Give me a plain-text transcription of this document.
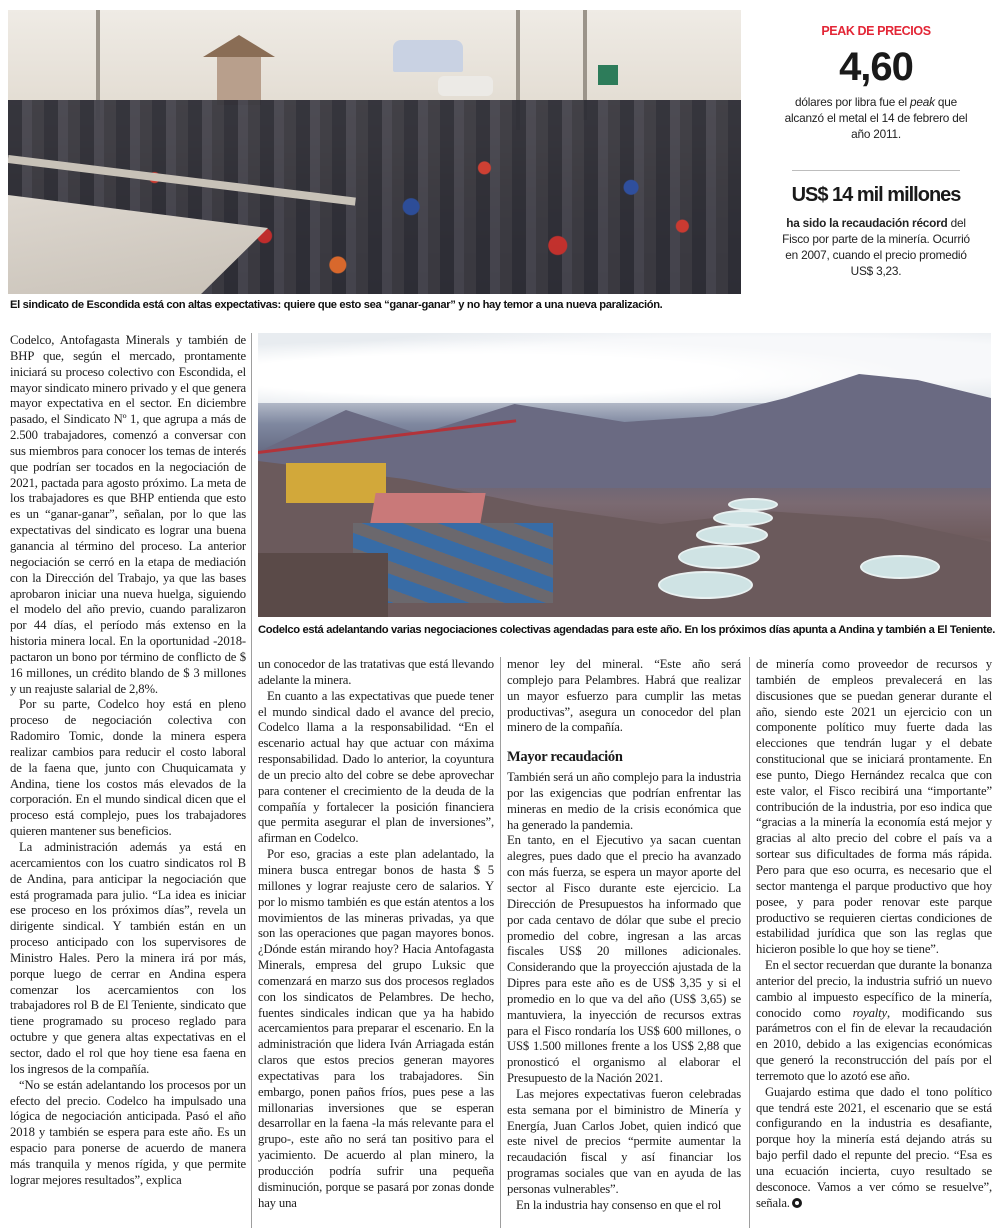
El sindicato de Escondida está con altas expectativas: quiere que esto sea “ganar-ganar” y no hay temor a una nueva paralización.
PEAK DE PRECIOS
4,60
dólares por libra fue el peak que alcanzó el metal el 14 de febrero del año 2011.
US$ 14 mil millones
ha sido la recaudación récord del Fisco por parte de la minería. Ocurrió en 2007, cuando el precio promedió US$ 3,23.

Codelco, Antofagasta Minerals y también de BHP que, según el mercado, prontamente iniciará su proceso colectivo con Escondida, el mayor sindicato minero privado y el que genera mayor expectativa en el sector. En diciembre pasado, el Sindicato Nº 1, que agrupa a más de 2.500 trabajadores, comenzó a conversar con sus miembros para conocer los temas de interés que podrían ser tocados en la negociación de 2021, pactada para agosto próximo. La meta de los trabajadores es que BHP entienda que esto es un “ganar-ganar”, señalan, por lo que las expectativas del sindicato es lograr una buena ganancia al término del proceso. La anterior negociación se cerró en la etapa de mediación con la Dirección del Trabajo, ya que las bases aprobaron iniciar una nueva huelga, siguiendo el modelo del año previo, cuando paralizaron por 44 días, el período más extenso en la historia minera local. En la oportunidad -2018- pactaron un bono por término de conflicto de $ 16 millones, un crédito blando de $ 3 millones y un reajuste salarial de 2,8%.

Por su parte, Codelco hoy está en pleno proceso de negociación colectiva con Radomiro Tomic, donde la minera espera realizar cambios para reducir el costo laboral de la faena que, junto con Chuquicamata y Andina, tiene los costos más elevados de la corporación. En el mundo sindical dicen que el proceso está complejo, pues los trabajadores quieren mantener sus beneficios.

La administración además ya está en acercamientos con los cuatro sindicatos rol B de Andina, para anticipar la negociación que está programada para julio. “La idea es iniciar ese proceso en los próximos días”, revela un dirigente sindical. Y también están en un proceso anticipado con los supervisores de Ministro Hales. Pero la minera irá por más, porque luego de cerrar en Andina espera comenzar los acercamientos con los trabajadores rol B de El Teniente, sindicato que tiene programado su proceso reglado para octubre y que genera altas expectativas en el sector, dado el rol que hoy tiene esa faena en los ingresos de la compañía.

“No se están adelantando los procesos por un efecto del precio. Codelco ha impulsado una lógica de negociación anticipada. Pasó el año 2018 y también se espera para este año. Es un espacio para ponerse de acuerdo de manera más tranquila y menos rígida, y que permite lograr mejores resultados”, explica

Codelco está adelantando varias negociaciones colectivas agendadas para este año. En los próximos días apunta a Andina y también a El Teniente.

un conocedor de las tratativas que está llevando adelante la minera.

En cuanto a las expectativas que puede tener el mundo sindical dado el avance del precio, Codelco llama a la responsabilidad. “En el escenario actual hay que actuar con máxima responsabilidad. Dado lo anterior, la coyuntura de un precio alto del cobre se debe aprovechar para contener el crecimiento de la deuda de la compañía y fortalecer la posición financiera que permita asegurar el plan de inversiones”, afirman en Codelco.

Por eso, gracias a este plan adelantado, la minera busca entregar bonos de hasta $ 5 millones y lograr reajuste cero de salarios. Y por lo mismo también es que están atentos a los movimientos de las mineras privadas, ya que son las operaciones que pagan mayores bonos. ¿Dónde están mirando hoy? Hacia Antofagasta Minerals, empresa del grupo Luksic que comenzará en marzo sus dos procesos reglados con los sindicatos de Pelambres. De hecho, fuentes sindicales indican que ya ha habido acercamientos para preparar el escenario. En la administración que lidera Iván Arriagada están claros que estos precios generan mayores expectativas para los trabajadores. Sin embargo, ponen paños fríos, pues pese a las millonarias inversiones que se esperan desarrollar en la faena -la más relevante para el grupo-, este año no será tan positivo para el yacimiento. De acuerdo al plan minero, la producción podría sufrir una pequeña disminución, porque se pasará por zonas donde hay una

menor ley del mineral. “Este año será complejo para Pelambres. Habrá que realizar un mayor esfuerzo para cumplir las metas productivas”, asegura un conocedor del plan minero de la compañía.

Mayor recaudación

También será un año complejo para la industria por las exigencias que podrían enfrentar las mineras en medio de la crisis económica que ha generado la pandemia.

En tanto, en el Ejecutivo ya sacan cuentan alegres, pues dado que el precio ha avanzado con más fuerza, se espera un mayor aporte del sector al Fisco durante este ejercicio. La Dirección de Presupuestos ha informado que por cada centavo de dólar que sube el precio promedio del cobre, ingresan a las arcas fiscales US$ 20 millones adicionales. Considerando que la proyección ajustada de la Dipres para este año es de US$ 3,35 y si el promedio en lo que va del año (US$ 3,65) se mantuviera, la inyección de recursos extras para el Fisco rondaría los US$ 600 millones, o US$ 1.500 millones frente a los US$ 2,88 que pronosticó el organismo al elaborar el Presupuesto de la Nación 2021.

Las mejores expectativas fueron celebradas esta semana por el biministro de Minería y Energía, Juan Carlos Jobet, quien indicó que este nivel de precios “permite aumentar la recaudación fiscal y así financiar los programas sociales que van en ayuda de las personas vulnerables”.

En la industria hay consenso en que el rol

de minería como proveedor de recursos y también de empleos prevalecerá en las discusiones que se puedan generar durante el año, siendo este 2021 un ejercicio con un componente político muy fuerte dada las elecciones que tendrán lugar y el debate constitucional que se iniciará prontamente. En ese punto, Diego Hernández recalca que con este valor, el Fisco recibirá una “importante” contribución de la industria, por eso indica que “gracias a la minería la economía está mejor y gracias al alto precio del cobre el país va a sortear sus dificultades de forma más rápida. Pero para que eso ocurra, es necesario que el sector mantenga el parque productivo que hoy posee, y para poder renovar este parque productivo se requieren ciertas condiciones de estabilidad jurídica que son las reglas que hicieron posible lo que hoy se tiene”.

En el sector recuerdan que durante la bonanza anterior del precio, la industria sufrió un nuevo cambio al impuesto específico de la minería, conocido como royalty, modificando sus parámetros con el fin de elevar la recaudación en 2010, debido a las exigencias económicas que generó la reconstrucción del país por el terremoto que lo azotó ese año.

Guajardo estima que dado el tono político que tendrá este 2021, el escenario que se está configurando en la industria es desafiante, porque hoy la minería está dejando atrás su bajo perfil dado el repunte del precio. “Esa es una ecuación incierta, cuyo resultado se desconoce. Vamos a ver cómo se resuelve”, señala.
